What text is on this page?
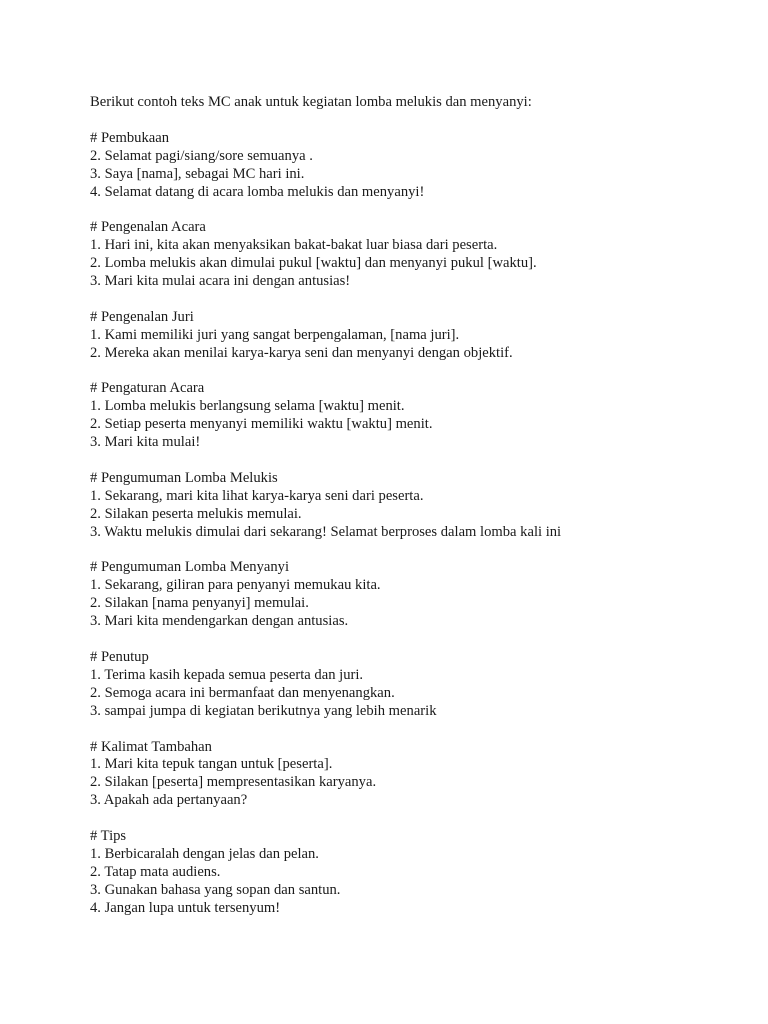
Berikut contoh teks MC anak untuk kegiatan lomba melukis dan menyanyi:

# Pembukaan

2. Selamat pagi/siang/sore semuanya .

3. Saya [nama], sebagai MC hari ini.

4. Selamat datang di acara lomba melukis dan menyanyi!

# Pengenalan Acara

1. Hari ini, kita akan menyaksikan bakat-bakat luar biasa dari peserta.

2. Lomba melukis akan dimulai pukul [waktu] dan menyanyi pukul [waktu].

3. Mari kita mulai acara ini dengan antusias!

# Pengenalan Juri

1. Kami memiliki juri yang sangat berpengalaman, [nama juri].

2. Mereka akan menilai karya-karya seni dan menyanyi dengan objektif.

# Pengaturan Acara

1. Lomba melukis berlangsung selama [waktu] menit.

2. Setiap peserta menyanyi memiliki waktu [waktu] menit.

3. Mari kita mulai!

# Pengumuman Lomba Melukis

1. Sekarang, mari kita lihat karya-karya seni dari peserta.

2. Silakan peserta melukis memulai.

3. Waktu melukis dimulai dari sekarang! Selamat berproses dalam lomba kali ini

# Pengumuman Lomba Menyanyi

1. Sekarang, giliran para penyanyi memukau kita.

2. Silakan [nama penyanyi] memulai.

3. Mari kita mendengarkan dengan antusias.

# Penutup

1. Terima kasih kepada semua peserta dan juri.

2. Semoga acara ini bermanfaat dan menyenangkan.

3. sampai jumpa di kegiatan berikutnya yang lebih menarik

# Kalimat Tambahan

1. Mari kita tepuk tangan untuk [peserta].

2. Silakan [peserta] mempresentasikan karyanya.

3. Apakah ada pertanyaan?

# Tips

1. Berbicaralah dengan jelas dan pelan.

2. Tatap mata audiens.

3. Gunakan bahasa yang sopan dan santun.

4. Jangan lupa untuk tersenyum!
